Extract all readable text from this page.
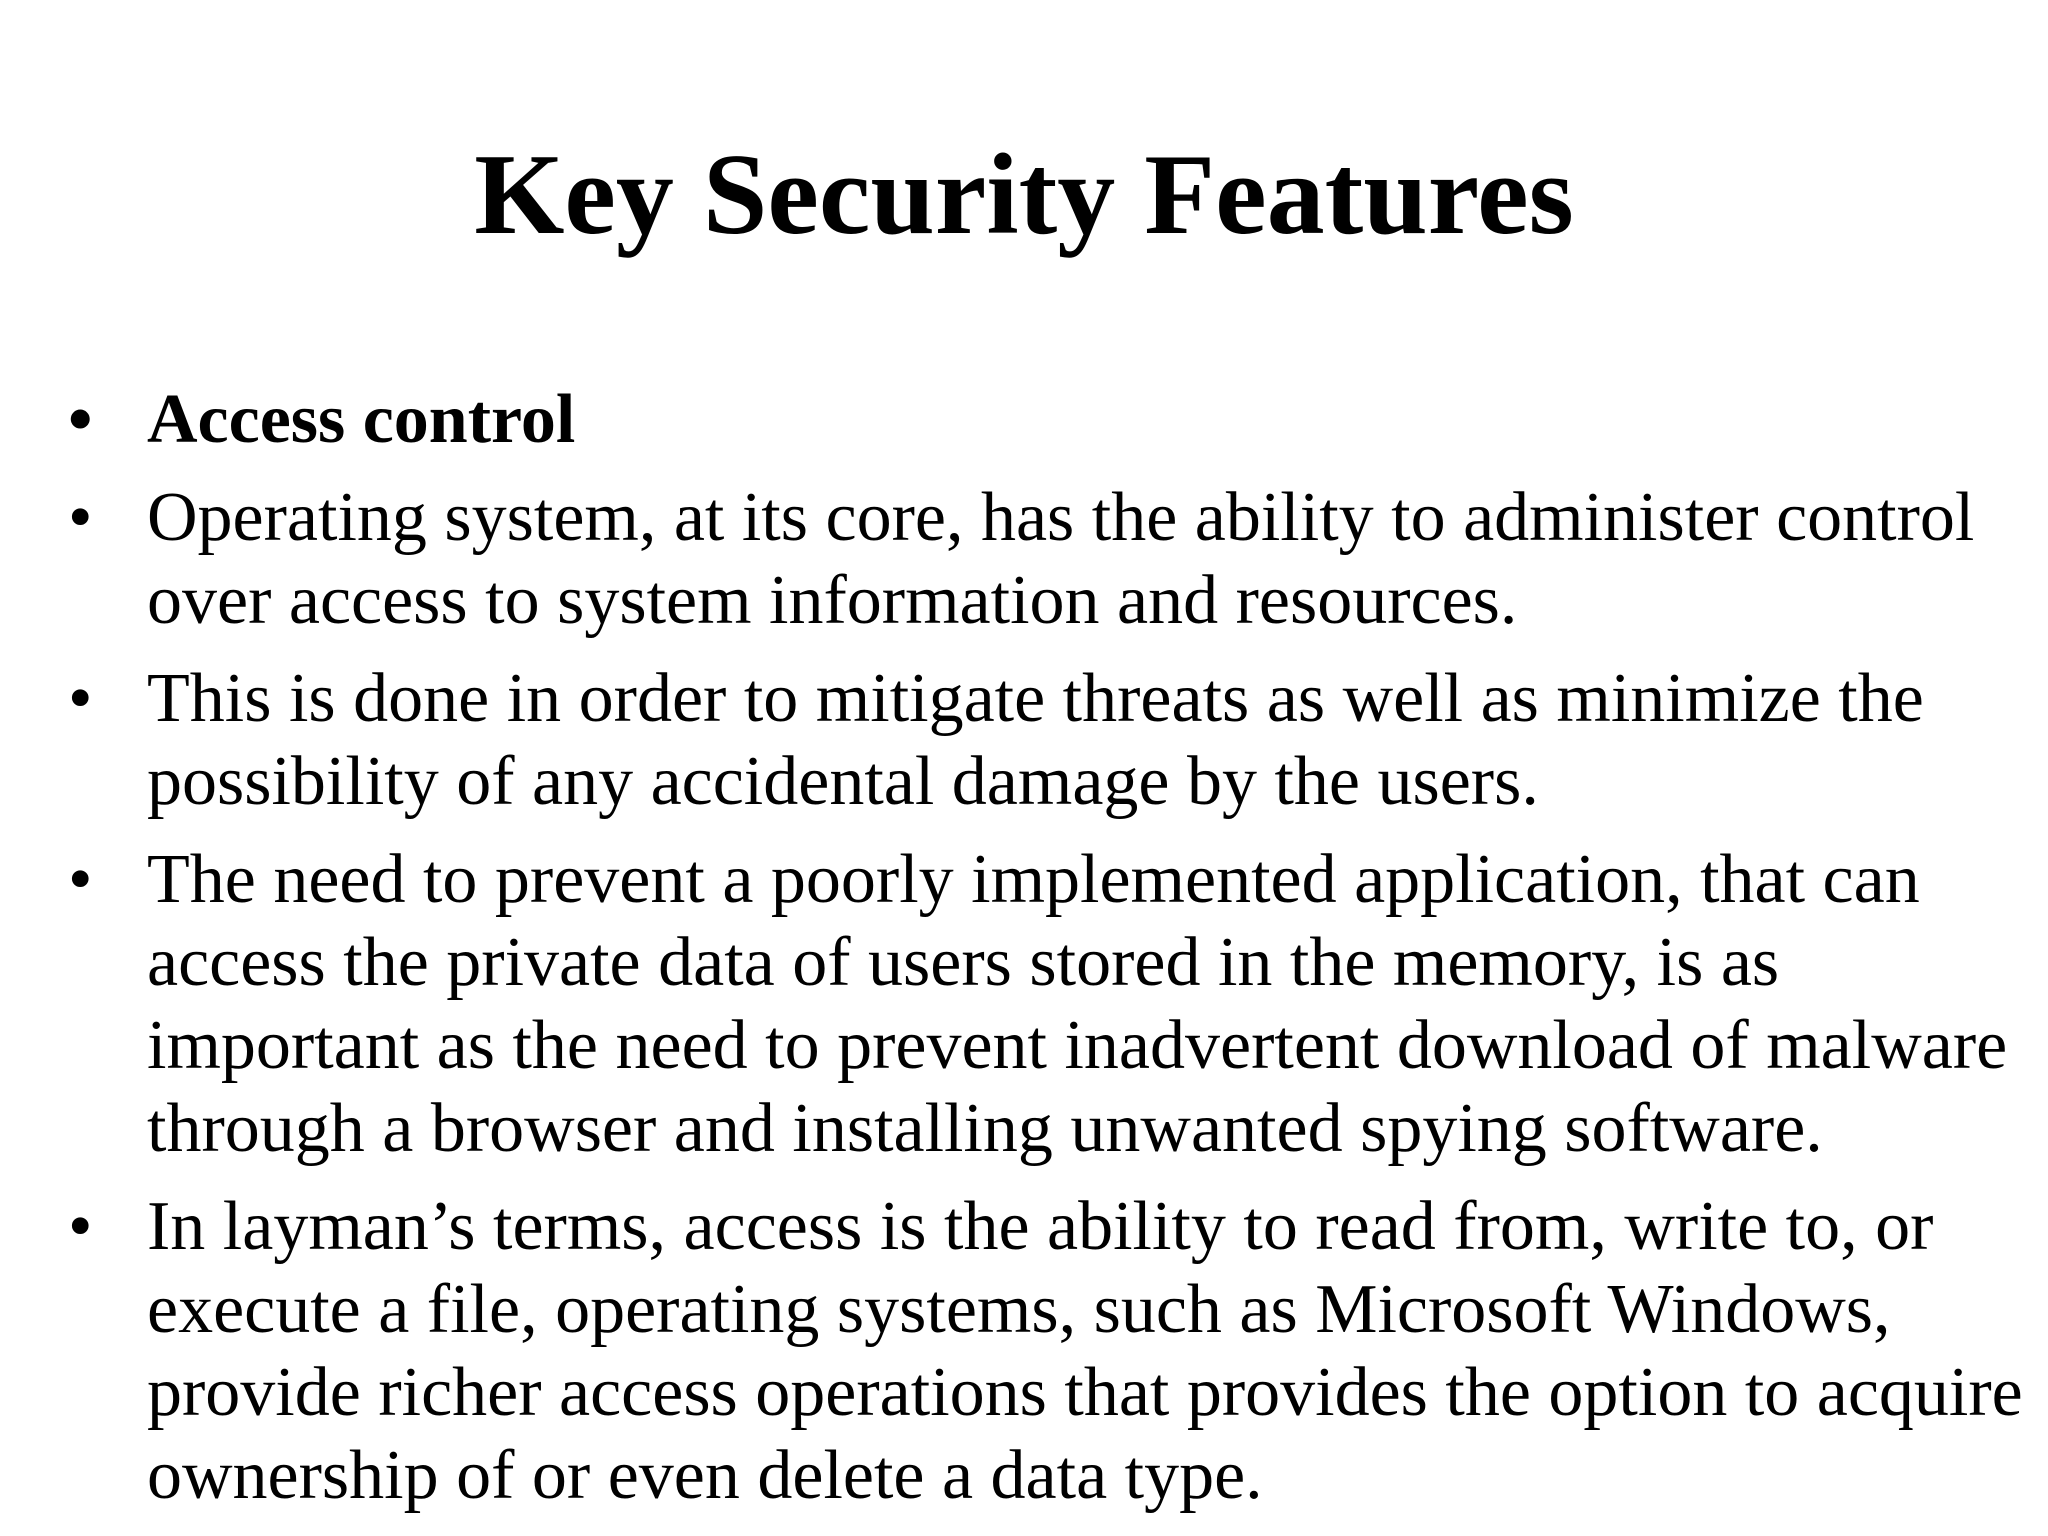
Key Security Features
• Access control
• Operating system, at its core, has the ability to administer control
over access to system information and resources.
• This is done in order to mitigate threats as well as minimize the
possibility of any accidental damage by the users.
• The need to prevent a poorly implemented application, that can
access the private data of users stored in the memory, is as
important as the need to prevent inadvertent download of malware
through a browser and installing unwanted spying software.
• In layman’s terms, access is the ability to read from, write to, or
execute a file, operating systems, such as Microsoft Windows,
provide richer access operations that provides the option to acquire
ownership of or even delete a data type.
